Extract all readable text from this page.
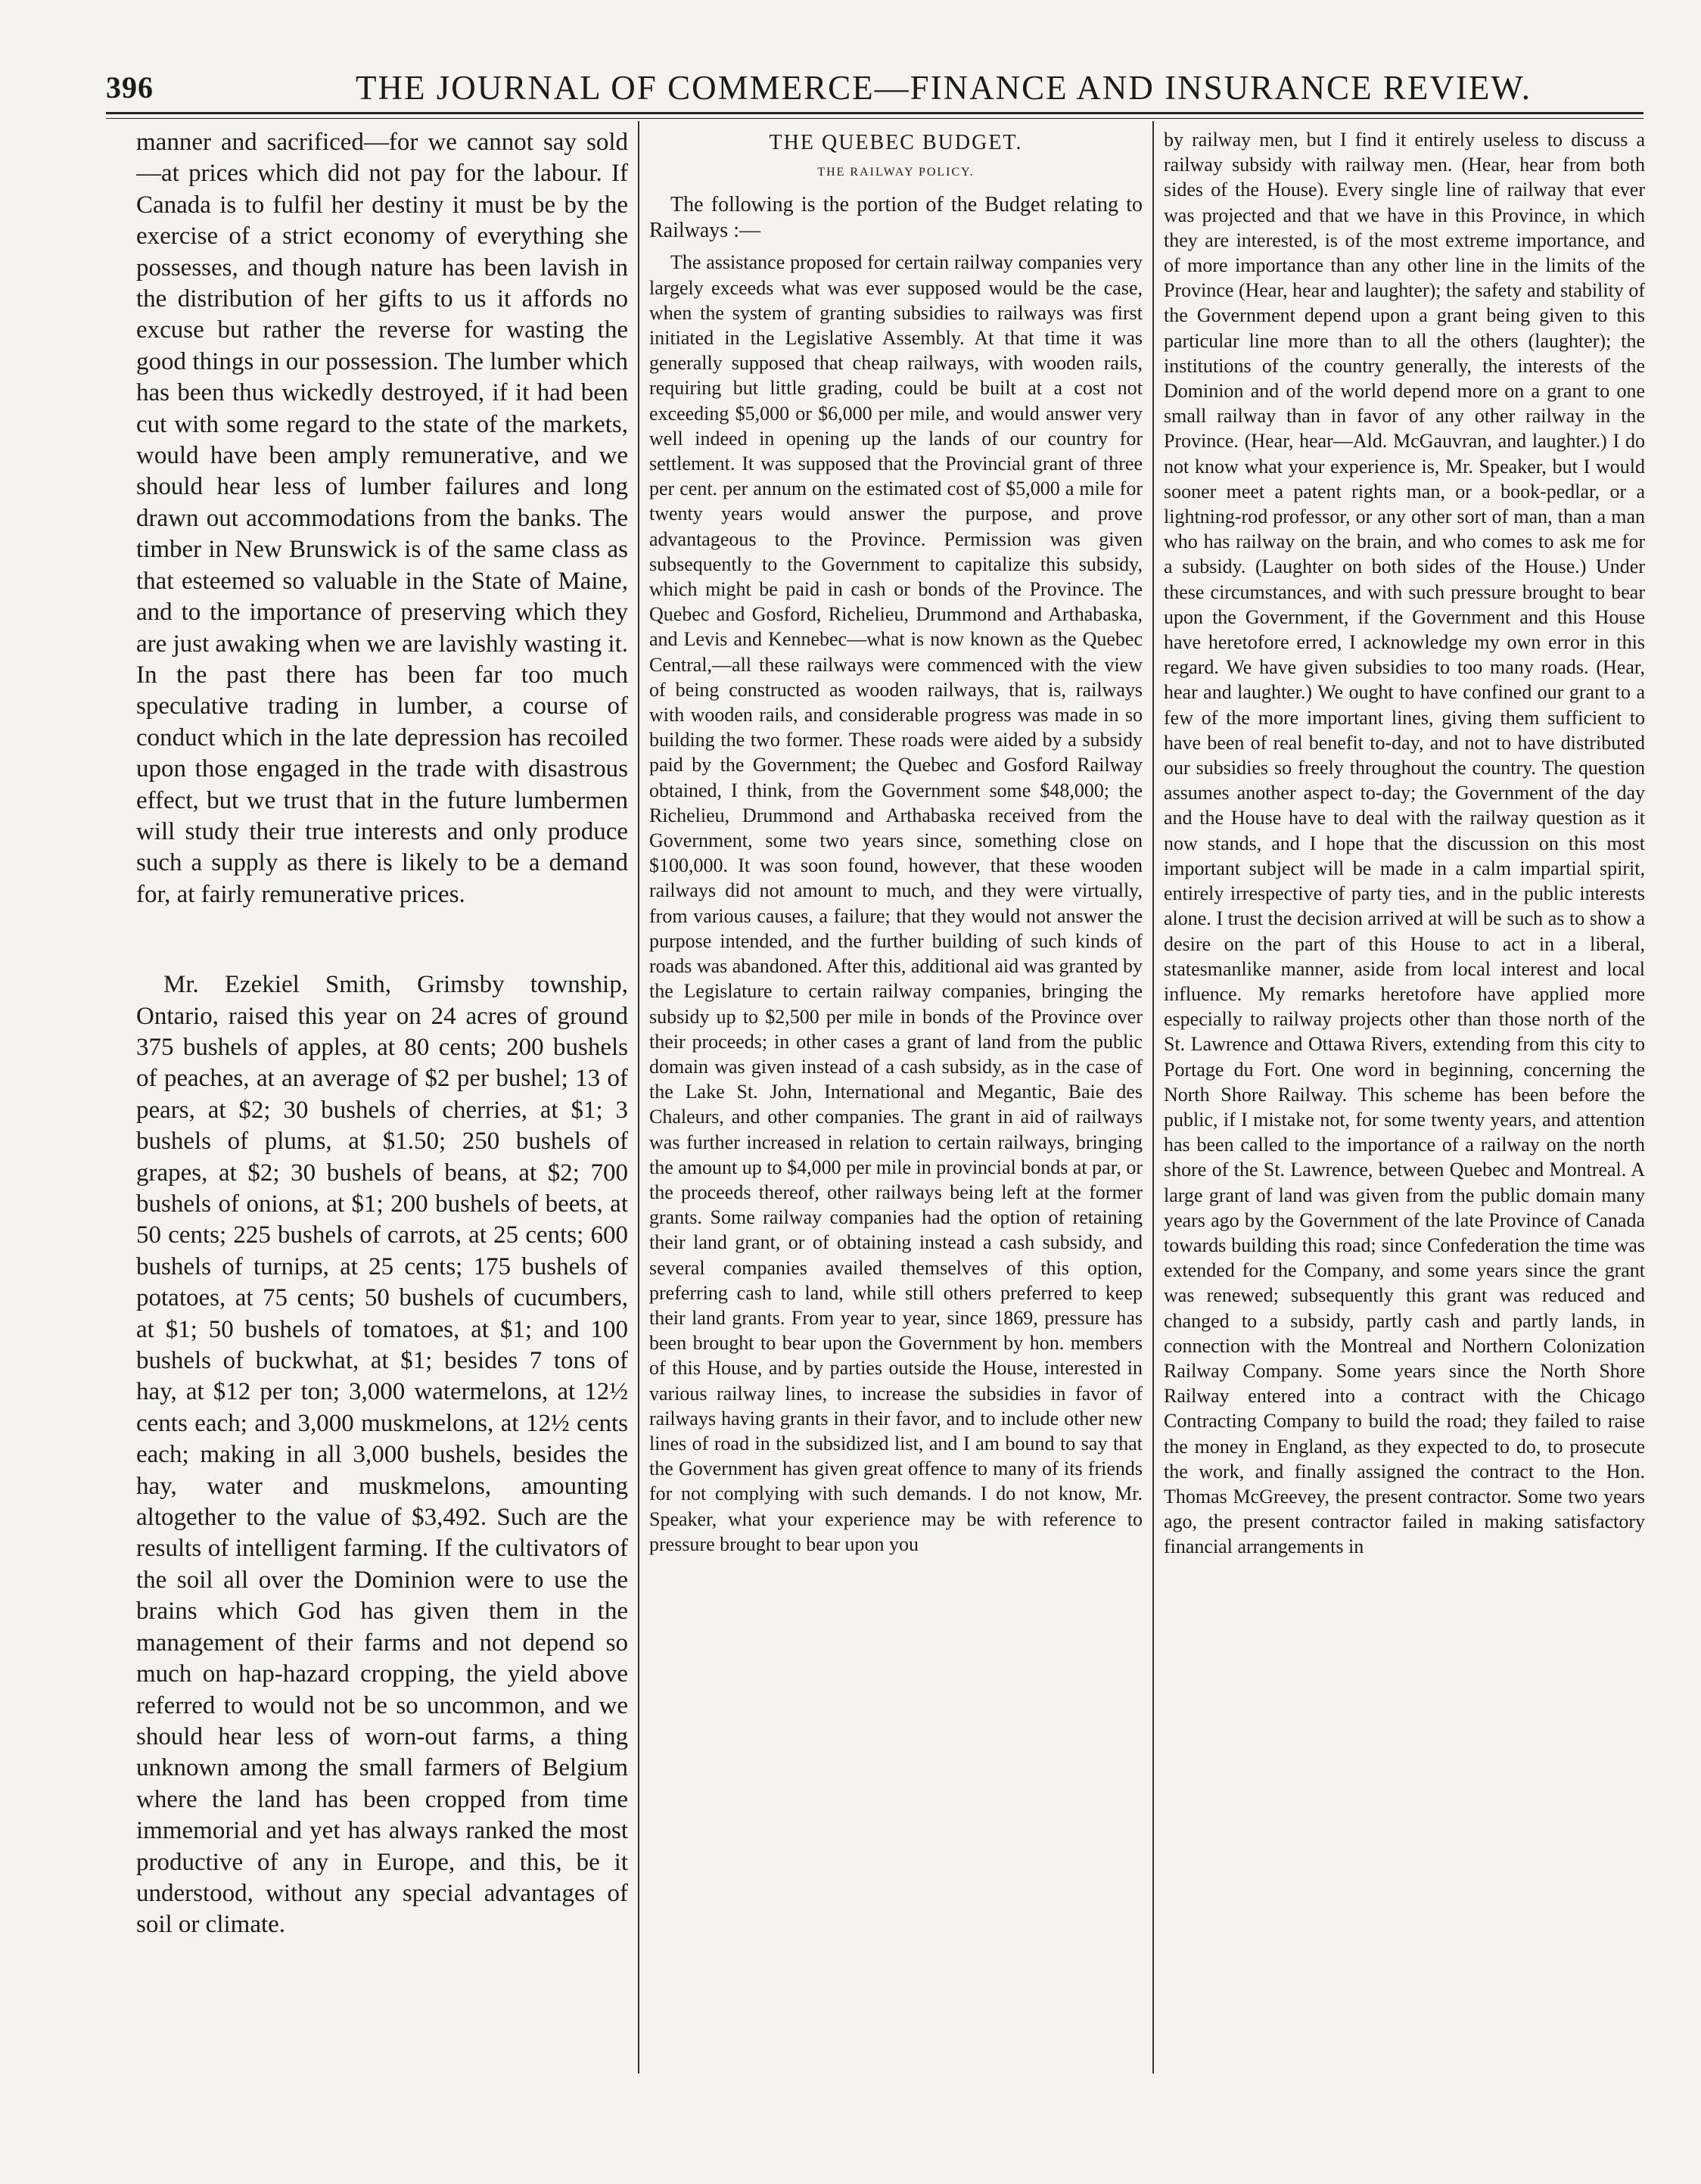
396	THE JOURNAL OF COMMERCE—FINANCE AND INSURANCE REVIEW.

manner and sacrificed—for we cannot say sold—at prices which did not pay for the labour. If Canada is to fulfil her destiny it must be by the exercise of a strict economy of everything she possesses, and though nature has been lavish in the distribution of her gifts to us it affords no excuse but rather the reverse for wasting the good things in our possession. The lumber which has been thus wickedly destroyed, if it had been cut with some regard to the state of the markets, would have been amply remunerative, and we should hear less of lumber failures and long drawn out accommodations from the banks. The timber in New Brunswick is of the same class as that esteemed so valuable in the State of Maine, and to the importance of preserving which they are just awaking when we are lavishly wasting it. In the past there has been far too much speculative trading in lumber, a course of conduct which in the late depression has recoiled upon those engaged in the trade with disastrous effect, but we trust that in the future lumbermen will study their true interests and only produce such a supply as there is likely to be a demand for, at fairly remunerative prices.

Mr. Ezekiel Smith, Grimsby township, Ontario, raised this year on 24 acres of ground 375 bushels of apples, at 80 cents; 200 bushels of peaches, at an average of $2 per bushel; 13 of pears, at $2; 30 bushels of cherries, at $1; 3 bushels of plums, at $1.50; 250 bushels of grapes, at $2; 30 bushels of beans, at $2; 700 bushels of onions, at $1; 200 bushels of beets, at 50 cents; 225 bushels of carrots, at 25 cents; 600 bushels of turnips, at 25 cents; 175 bushels of potatoes, at 75 cents; 50 bushels of cucumbers, at $1; 50 bushels of tomatoes, at $1; and 100 bushels of buckwhat, at $1; besides 7 tons of hay, at $12 per ton; 3,000 watermelons, at 12½ cents each; and 3,000 muskmelons, at 12½ cents each; making in all 3,000 bushels, besides the hay, water and muskmelons, amounting altogether to the value of $3,492. Such are the results of intelligent farming. If the cultivators of the soil all over the Dominion were to use the brains which God has given them in the management of their farms and not depend so much on hap-hazard cropping, the yield above referred to would not be so uncommon, and we should hear less of worn-out farms, a thing unknown among the small farmers of Belgium where the land has been cropped from time immemorial and yet has always ranked the most productive of any in Europe, and this, be it understood, without any special advantages of soil or climate.

THE QUEBEC BUDGET.
THE RAILWAY POLICY.

The following is the portion of the Budget relating to Railways :—

The assistance proposed for certain railway companies very largely exceeds what was ever supposed would be the case, when the system of granting subsidies to railways was first initiated in the Legislative Assembly. At that time it was generally supposed that cheap railways, with wooden rails, requiring but little grading, could be built at a cost not exceeding $5,000 or $6,000 per mile, and would answer very well indeed in opening up the lands of our country for settlement. It was supposed that the Provincial grant of three per cent. per annum on the estimated cost of $5,000 a mile for twenty years would answer the purpose, and prove advantageous to the Province. Permission was given subsequently to the Government to capitalize this subsidy, which might be paid in cash or bonds of the Province. The Quebec and Gosford, Richelieu, Drummond and Arthabaska, and Levis and Kennebec—what is now known as the Quebec Central,—all these railways were commenced with the view of being constructed as wooden railways, that is, railways with wooden rails, and considerable progress was made in so building the two former. These roads were aided by a subsidy paid by the Government; the Quebec and Gosford Railway obtained, I think, from the Government some $48,000; the Richelieu, Drummond and Arthabaska received from the Government, some two years since, something close on $100,000. It was soon found, however, that these wooden railways did not amount to much, and they were virtually, from various causes, a failure; that they would not answer the purpose intended, and the further building of such kinds of roads was abandoned. After this, additional aid was granted by the Legislature to certain railway companies, bringing the subsidy up to $2,500 per mile in bonds of the Province over their proceeds; in other cases a grant of land from the public domain was given instead of a cash subsidy, as in the case of the Lake St. John, International and Megantic, Baie des Chaleurs, and other companies. The grant in aid of railways was further increased in relation to certain railways, bringing the amount up to $4,000 per mile in provincial bonds at par, or the proceeds thereof, other railways being left at the former grants. Some railway companies had the option of retaining their land grant, or of obtaining instead a cash subsidy, and several companies availed themselves of this option, preferring cash to land, while still others preferred to keep their land grants. From year to year, since 1869, pressure has been brought to bear upon the Government by hon. members of this House, and by parties outside the House, interested in various railway lines, to increase the subsidies in favor of railways having grants in their favor, and to include other new lines of road in the subsidized list, and I am bound to say that the Government has given great offence to many of its friends for not complying with such demands. I do not know, Mr. Speaker, what your experience may be with reference to pressure brought to bear upon you

by railway men, but I find it entirely useless to discuss a railway subsidy with railway men. (Hear, hear from both sides of the House). Every single line of railway that ever was projected and that we have in this Province, in which they are interested, is of the most extreme importance, and of more importance than any other line in the limits of the Province (Hear, hear and laughter); the safety and stability of the Government depend upon a grant being given to this particular line more than to all the others (laughter); the institutions of the country generally, the interests of the Dominion and of the world depend more on a grant to one small railway than in favor of any other railway in the Province. (Hear, hear—Ald. McGauvran, and laughter.) I do not know what your experience is, Mr. Speaker, but I would sooner meet a patent rights man, or a book-pedlar, or a lightning-rod professor, or any other sort of man, than a man who has railway on the brain, and who comes to ask me for a subsidy. (Laughter on both sides of the House.) Under these circumstances, and with such pressure brought to bear upon the Government, if the Government and this House have heretofore erred, I acknowledge my own error in this regard. We have given subsidies to too many roads. (Hear, hear and laughter.) We ought to have confined our grant to a few of the more important lines, giving them sufficient to have been of real benefit to-day, and not to have distributed our subsidies so freely throughout the country. The question assumes another aspect to-day; the Government of the day and the House have to deal with the railway question as it now stands, and I hope that the discussion on this most important subject will be made in a calm impartial spirit, entirely irrespective of party ties, and in the public interests alone. I trust the decision arrived at will be such as to show a desire on the part of this House to act in a liberal, statesmanlike manner, aside from local interest and local influence. My remarks heretofore have applied more especially to railway projects other than those north of the St. Lawrence and Ottawa Rivers, extending from this city to Portage du Fort. One word in beginning, concerning the North Shore Railway. This scheme has been before the public, if I mistake not, for some twenty years, and attention has been called to the importance of a railway on the north shore of the St. Lawrence, between Quebec and Montreal. A large grant of land was given from the public domain many years ago by the Government of the late Province of Canada towards building this road; since Confederation the time was extended for the Company, and some years since the grant was renewed; subsequently this grant was reduced and changed to a subsidy, partly cash and partly lands, in connection with the Montreal and Northern Colonization Railway Company. Some years since the North Shore Railway entered into a contract with the Chicago Contracting Company to build the road; they failed to raise the money in England, as they expected to do, to prosecute the work, and finally assigned the contract to the Hon. Thomas McGreevey, the present contractor. Some two years ago, the present contractor failed in making satisfactory financial arrangements in
